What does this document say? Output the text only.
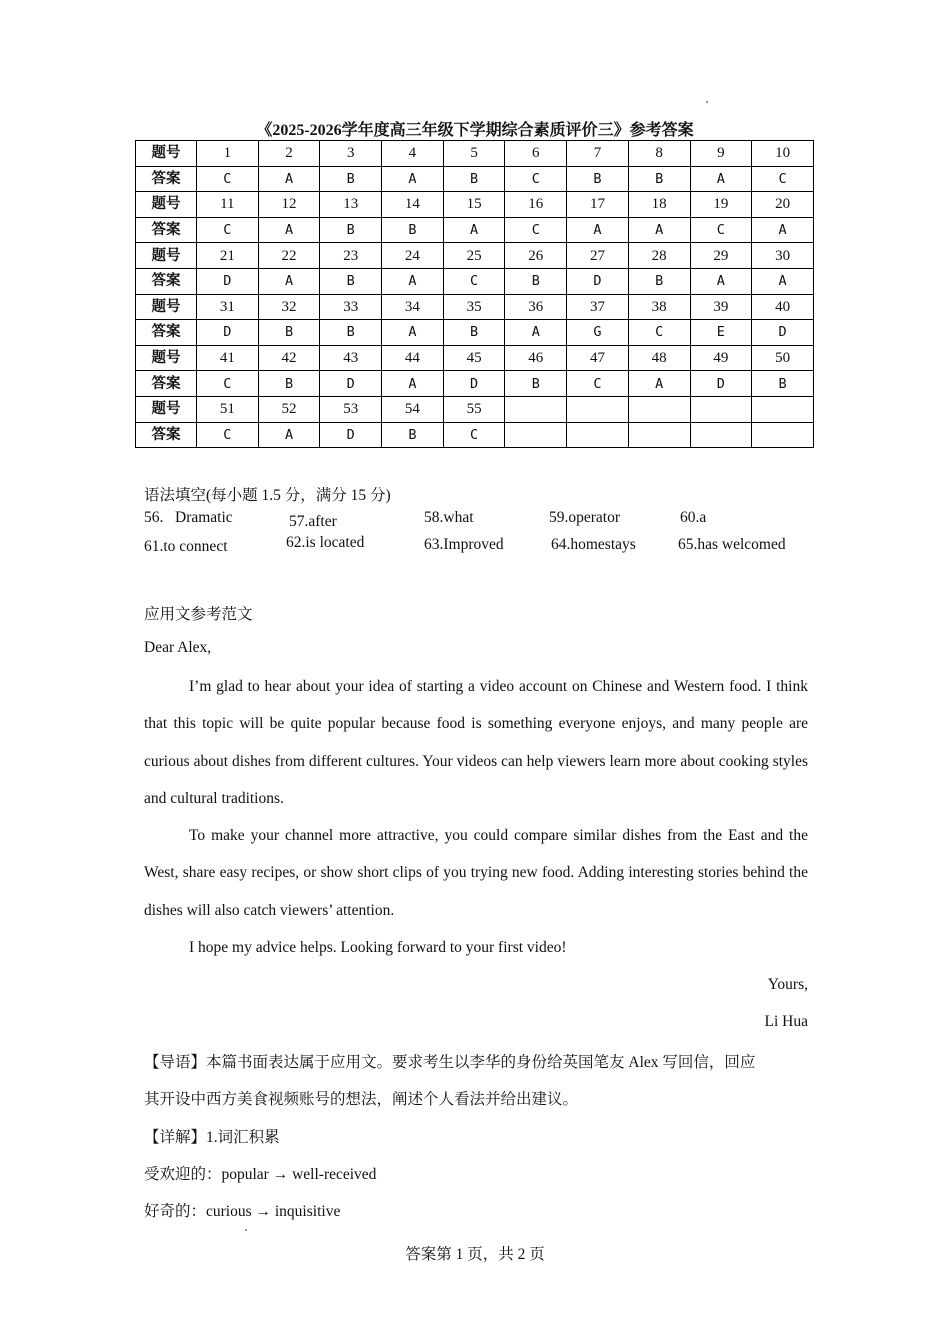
《2025-2026学年度高三年级下学期综合素质评价三》参考答案
题号	1	2	3	4	5	6	7	8	9	10
答案	C	A	B	A	B	C	B	B	A	C
题号	11	12	13	14	15	16	17	18	19	20
答案	C	A	B	B	A	C	A	A	C	A
题号	21	22	23	24	25	26	27	28	29	30
答案	D	A	B	A	C	B	D	B	A	A
题号	31	32	33	34	35	36	37	38	39	40
答案	D	B	B	A	B	A	G	C	E	D
题号	41	42	43	44	45	46	47	48	49	50
答案	C	B	D	A	D	B	C	A	D	B
题号	51	52	53	54	55					
答案	C	A	D	B	C					
语法填空(每小题 1.5 分，满分 15 分)
56.   Dramatic	57.after	58.what	59.operator	60.a
61.to connect	62.is located	63.Improved	64.homestays	65.has welcomed
应用文参考范文
Dear Alex,

I’m glad to hear about your idea of starting a video account on Chinese and Western food. I think that this topic will be quite popular because food is something everyone enjoys, and many people are curious about dishes from different cultures. Your videos can help viewers learn more about cooking styles and cultural traditions.

To make your channel more attractive, you could compare similar dishes from the East and the West, share easy recipes, or show short clips of you trying new food. Adding interesting stories behind the dishes will also catch viewers’ attention.

I hope my advice helps. Looking forward to your first video!

Yours,
Li Hua
【导语】本篇书面表达属于应用文。要求考生以李华的身份给英国笔友 Alex 写回信，回应
其开设中西方美食视频账号的想法，阐述个人看法并给出建议。
【详解】1.词汇积累
受欢迎的：popular → well-received
好奇的：curious → inquisitive
答案第 1 页，共 2 页
